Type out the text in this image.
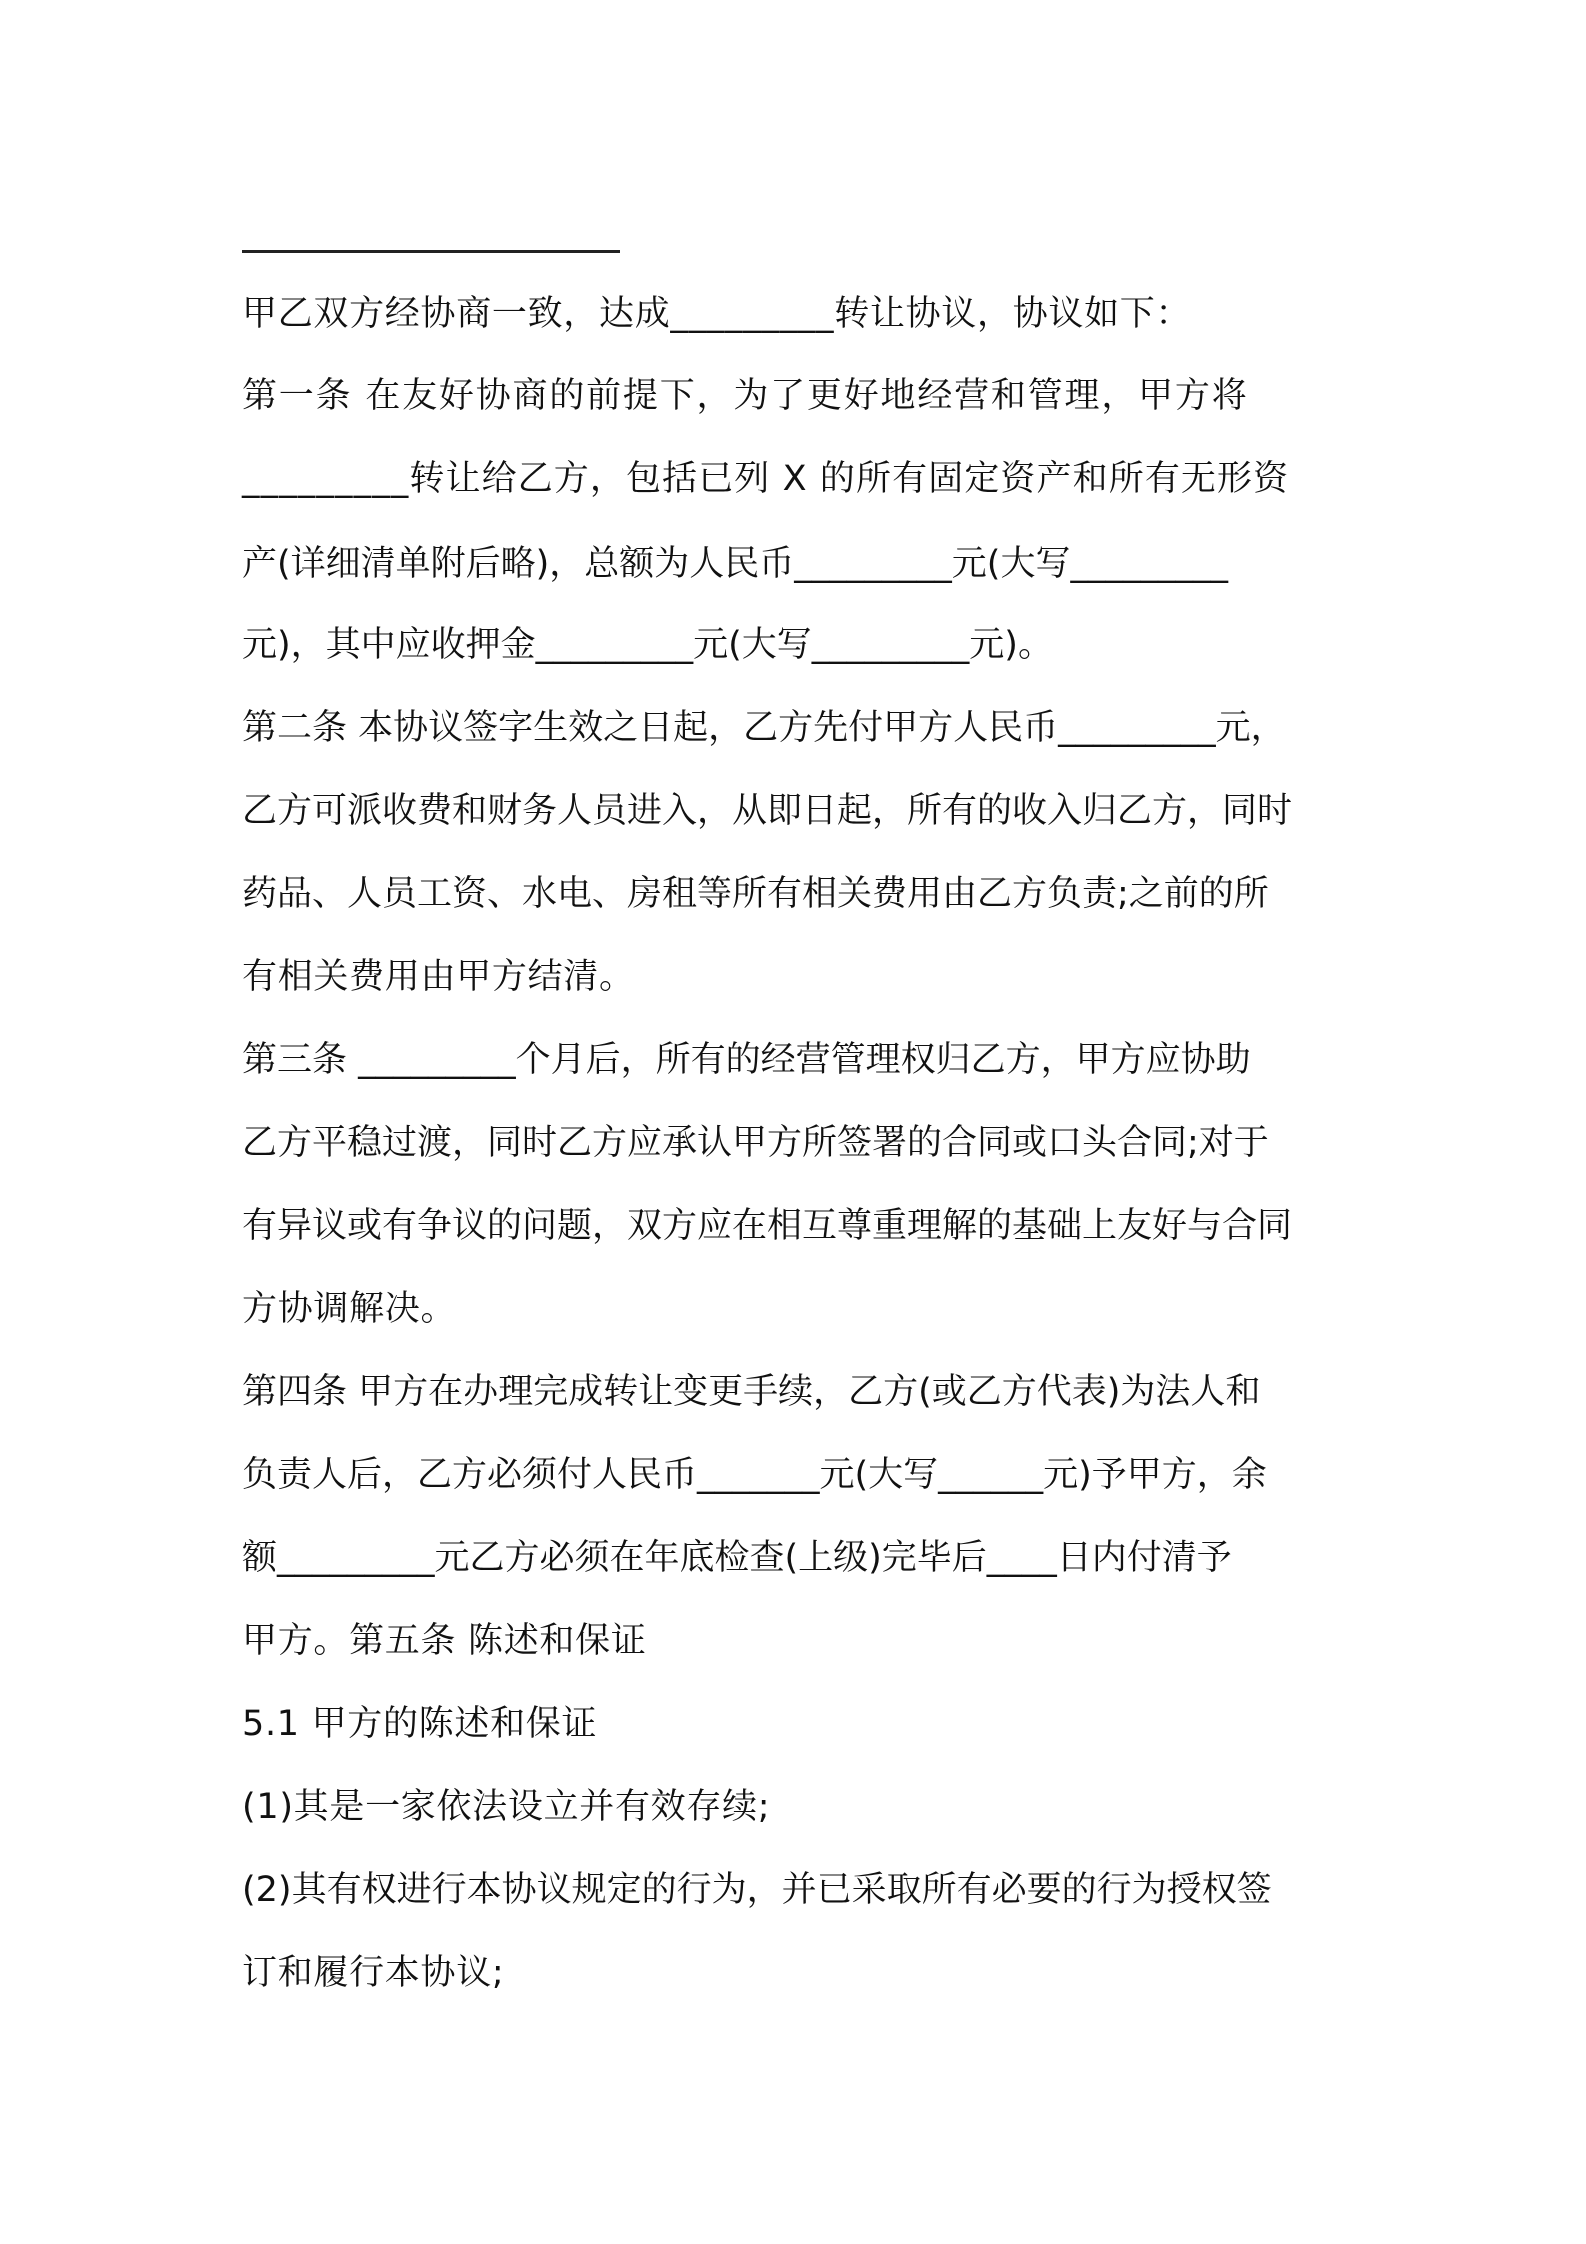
甲乙双方经协商一致，达成_________转让协议，协议如下：
第一条 在友好协商的前提下，为了更好地经营和管理，甲方将
_________转让给乙方，包括已列 X 的所有固定资产和所有无形资
产(详细清单附后略)，总额为人民币_________元(大写_________
元)，其中应收押金_________元(大写_________元)。
第二条 本协议签字生效之日起，乙方先付甲方人民币_________元，
乙方可派收费和财务人员进入，从即日起，所有的收入归乙方，同时
药品、人员工资、水电、房租等所有相关费用由乙方负责;之前的所
有相关费用由甲方结清。
第三条 _________个月后，所有的经营管理权归乙方，甲方应协助
乙方平稳过渡，同时乙方应承认甲方所签署的合同或口头合同;对于
有异议或有争议的问题，双方应在相互尊重理解的基础上友好与合同
方协调解决。
第四条 甲方在办理完成转让变更手续，乙方(或乙方代表)为法人和
负责人后，乙方必须付人民币_______元(大写______元)予甲方，余
额_________元乙方必须在年底检查(上级)完毕后____日内付清予
甲方。第五条 陈述和保证
5.1 甲方的陈述和保证
(1)其是一家依法设立并有效存续;
(2)其有权进行本协议规定的行为，并已采取所有必要的行为授权签
订和履行本协议;
